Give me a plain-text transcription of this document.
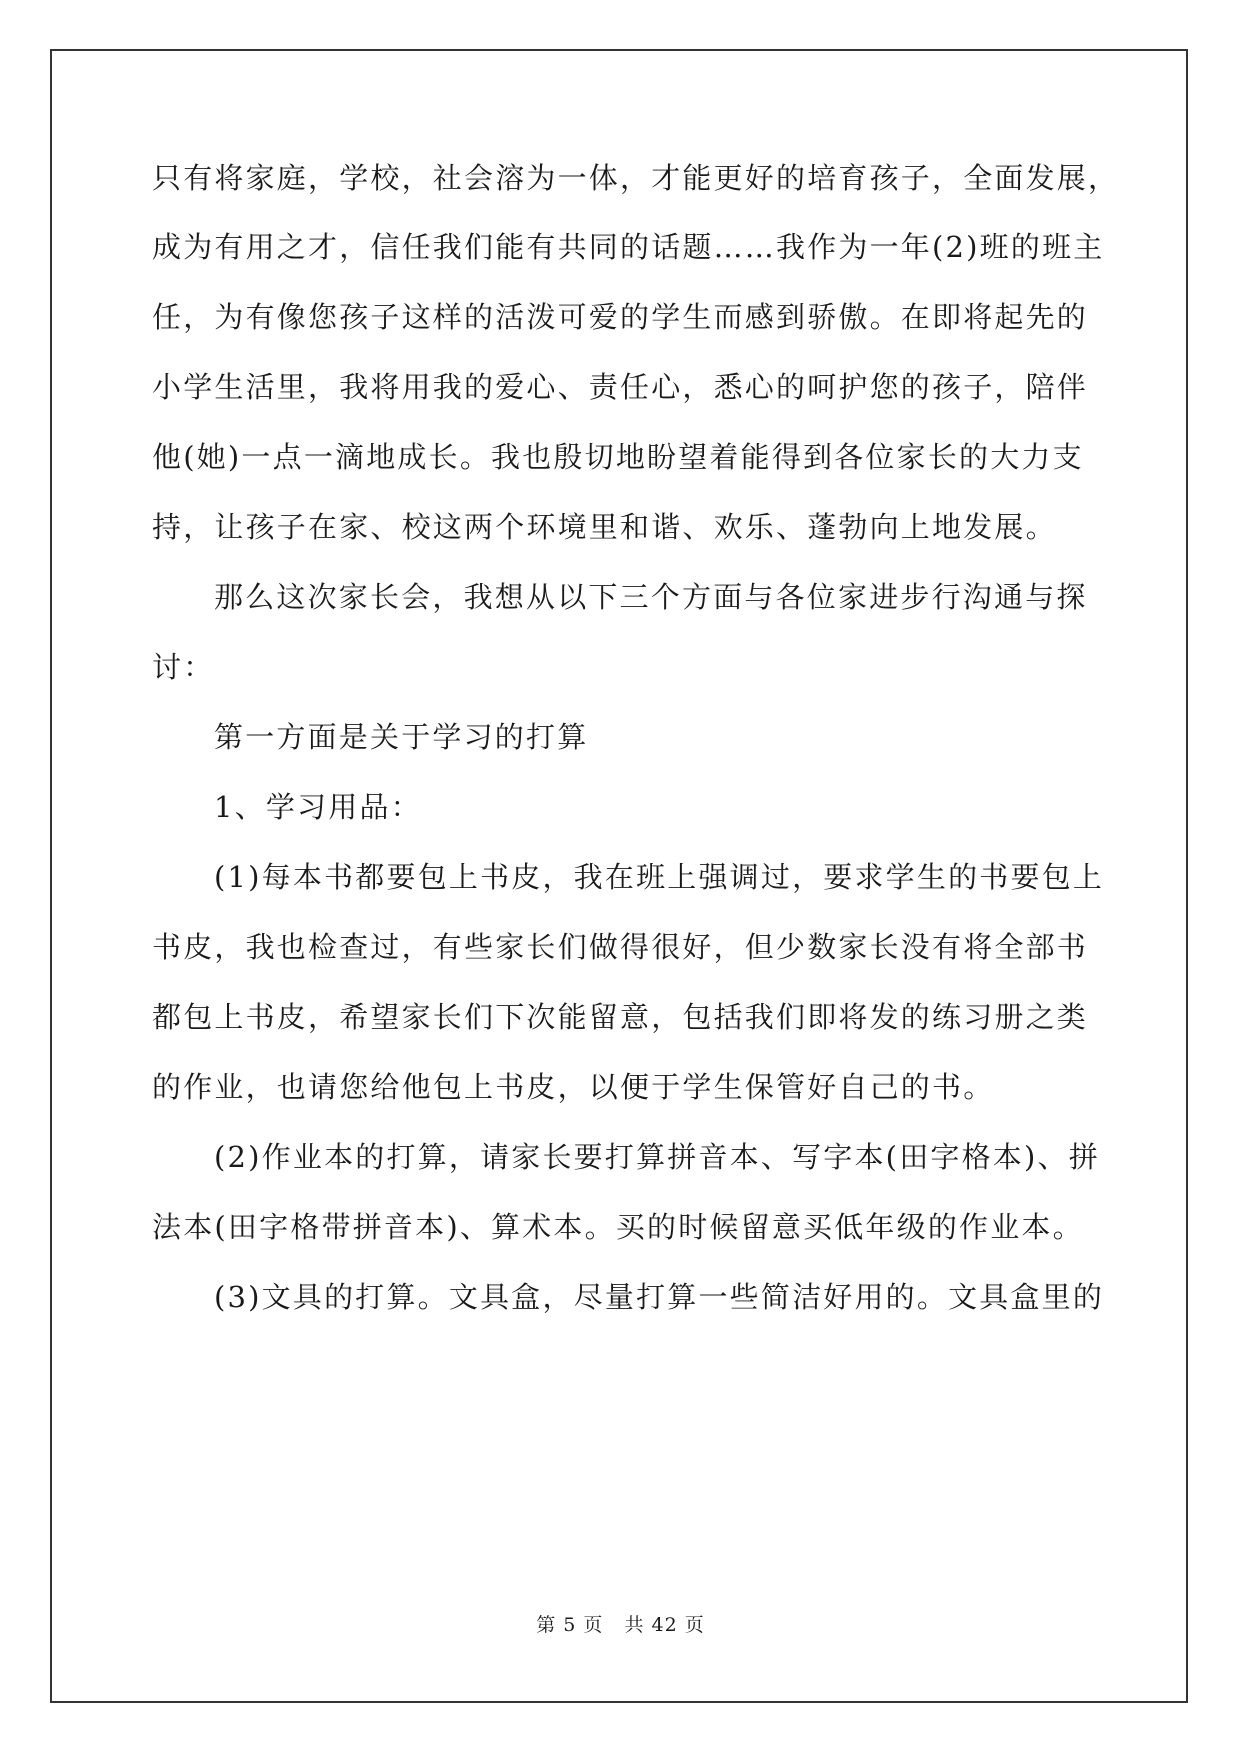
只有将家庭，学校，社会溶为一体，才能更好的培育孩子，全面发展，
成为有用之才，信任我们能有共同的话题……我作为一年(2)班的班主
任，为有像您孩子这样的活泼可爱的学生而感到骄傲。在即将起先的
小学生活里，我将用我的爱心、责任心，悉心的呵护您的孩子，陪伴
他(她)一点一滴地成长。我也殷切地盼望着能得到各位家长的大力支
持，让孩子在家、校这两个环境里和谐、欢乐、蓬勃向上地发展。
那么这次家长会，我想从以下三个方面与各位家进步行沟通与探
讨：
第一方面是关于学习的打算
1、学习用品：
(1)每本书都要包上书皮，我在班上强调过，要求学生的书要包上
书皮，我也检查过，有些家长们做得很好，但少数家长没有将全部书
都包上书皮，希望家长们下次能留意，包括我们即将发的练习册之类
的作业，也请您给他包上书皮，以便于学生保管好自己的书。
(2)作业本的打算，请家长要打算拼音本、写字本(田字格本)、拼
法本(田字格带拼音本)、算术本。买的时候留意买低年级的作业本。
(3)文具的打算。文具盒，尽量打算一些简洁好用的。文具盒里的
第 5 页 共 42 页
